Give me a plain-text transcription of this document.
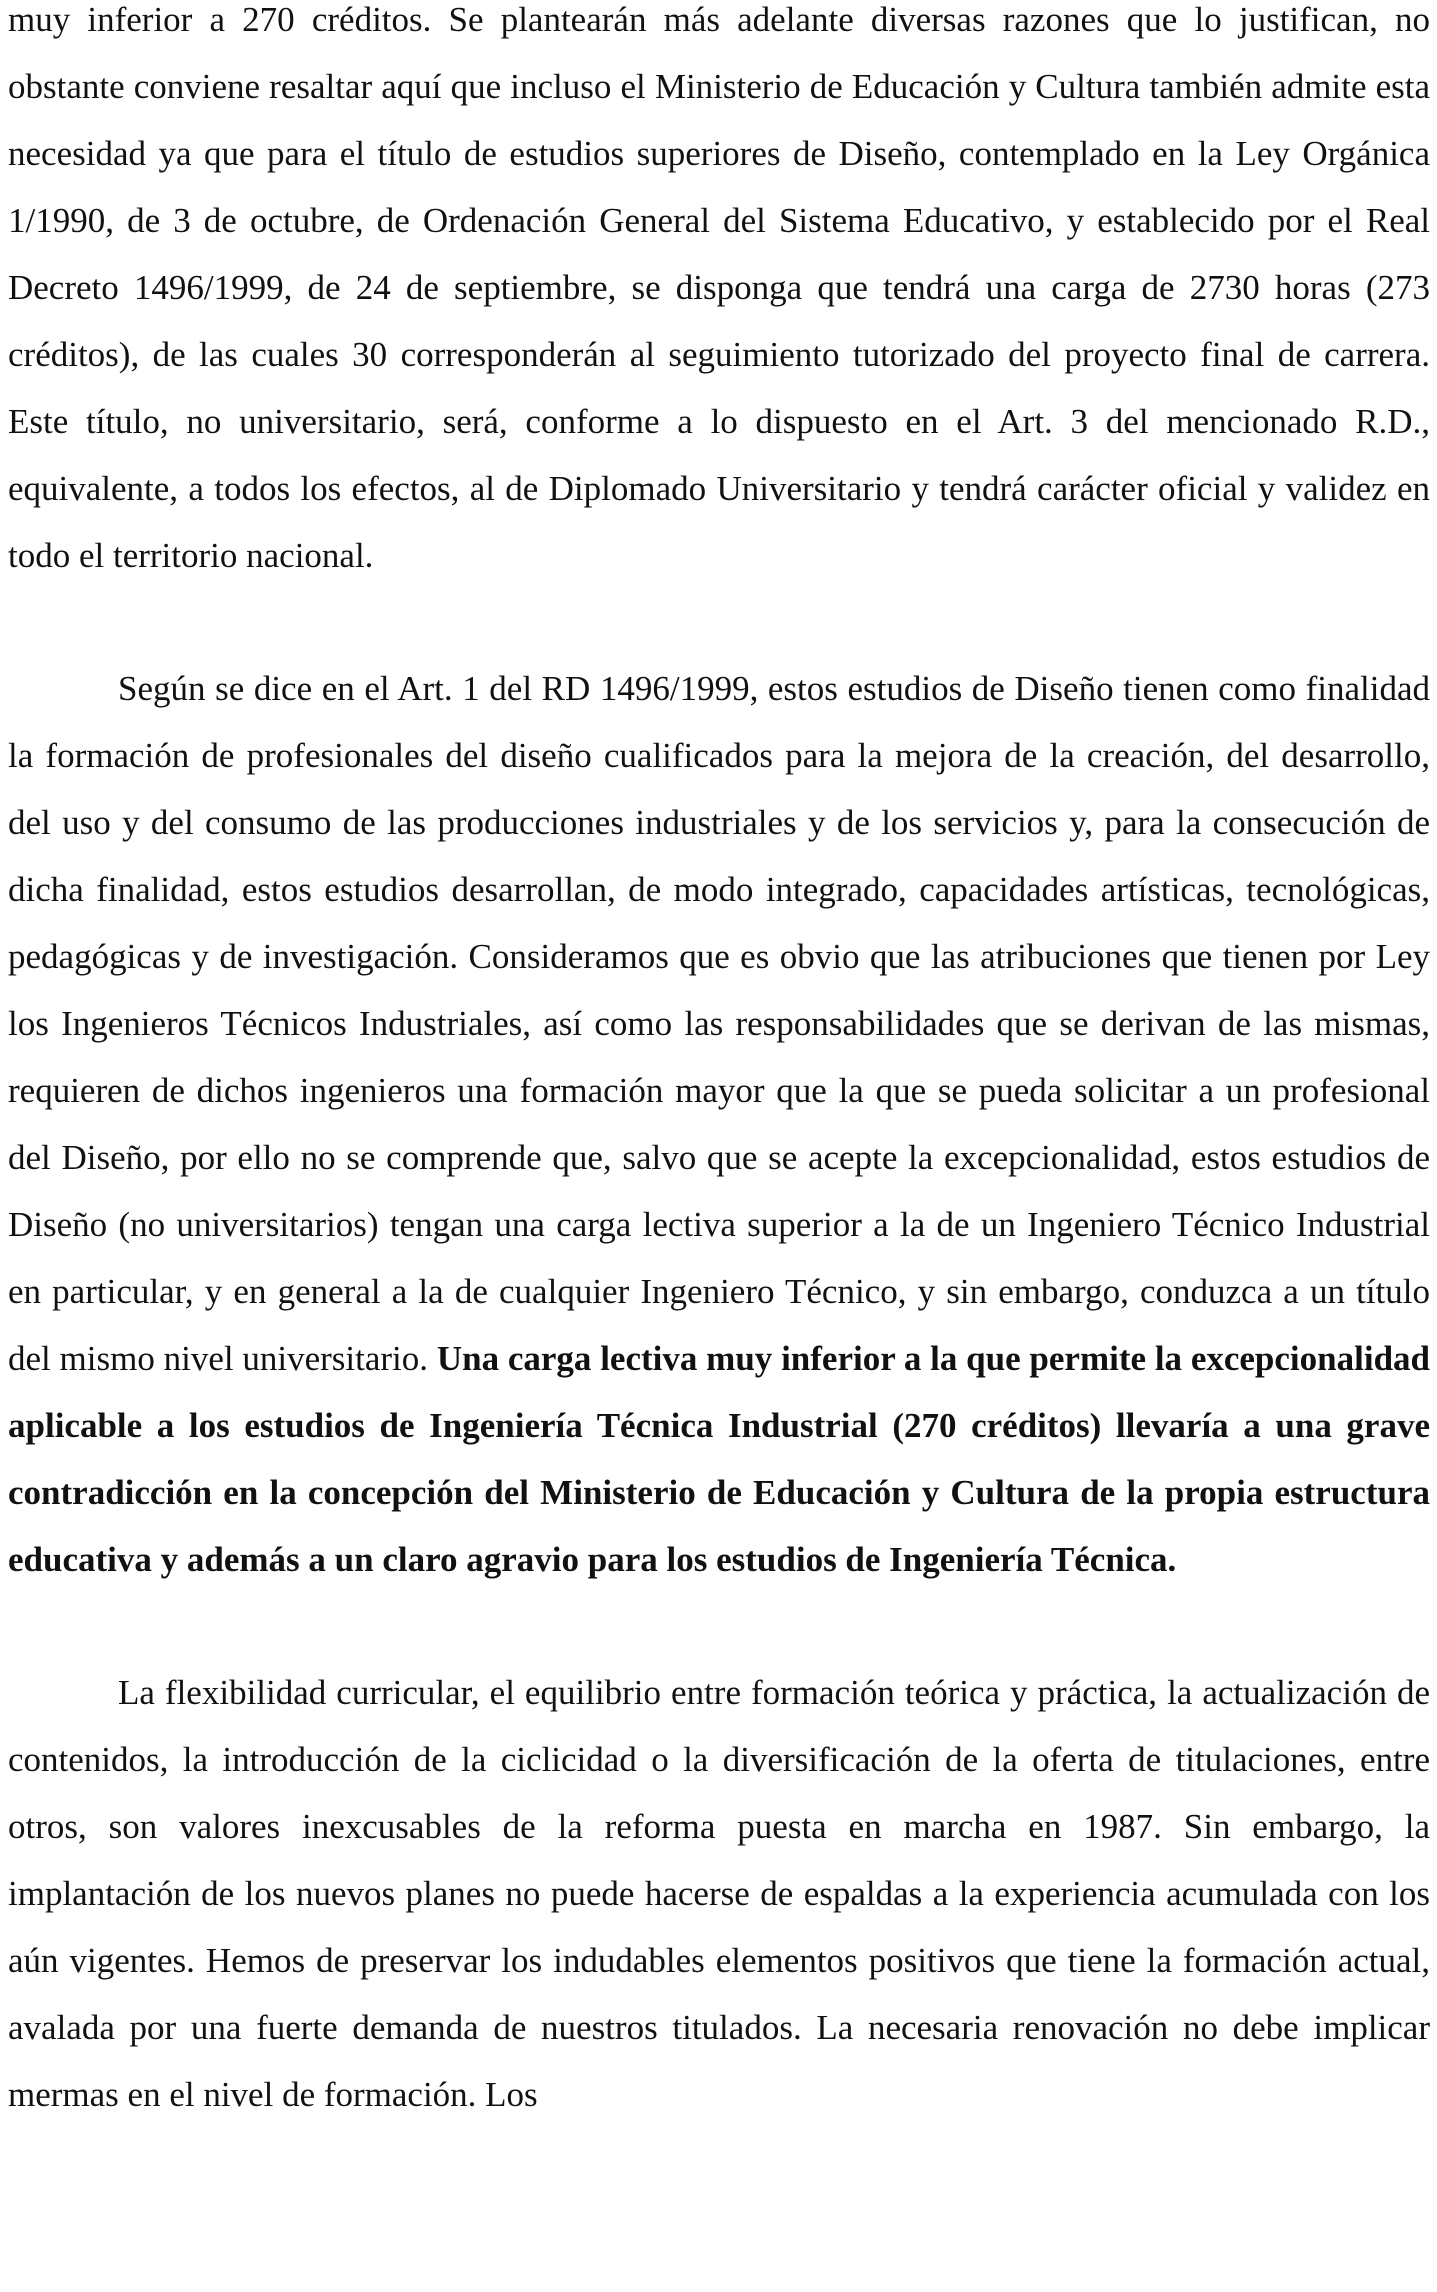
muy inferior a 270 créditos. Se plantearán más adelante diversas razones que lo justifican, no obstante conviene resaltar aquí que incluso el Ministerio de Educación y Cultura también admite esta necesidad ya que para el título de estudios superiores de Diseño, contemplado en la Ley Orgánica 1/1990, de 3 de octubre, de Ordenación General del Sistema Educativo, y establecido por el Real Decreto 1496/1999, de 24 de septiembre, se disponga que tendrá una carga de 2730 horas (273 créditos), de las cuales 30 corresponderán al seguimiento tutorizado del proyecto final de carrera. Este título, no universitario, será, conforme a lo dispuesto en el Art. 3 del mencionado R.D., equivalente, a todos los efectos, al de Diplomado Universitario y tendrá carácter oficial y validez en todo el territorio nacional.

Según se dice en el Art. 1 del RD 1496/1999, estos estudios de Diseño tienen como finalidad la formación de profesionales del diseño cualificados para la mejora de la creación, del desarrollo, del uso y del consumo de las producciones industriales y de los servicios y, para la consecución de dicha finalidad, estos estudios desarrollan, de modo integrado, capacidades artísticas, tecnológicas, pedagógicas y de investigación. Consideramos que es obvio que las atribuciones que tienen por Ley los Ingenieros Técnicos Industriales, así como las responsabilidades que se derivan de las mismas, requieren de dichos ingenieros una formación mayor que la que se pueda solicitar a un profesional del Diseño, por ello no se comprende que, salvo que se acepte la excepcionalidad, estos estudios de Diseño (no universitarios) tengan una carga lectiva superior a la de un Ingeniero Técnico Industrial en particular, y en general a la de cualquier Ingeniero Técnico, y sin embargo, conduzca a un título del mismo nivel universitario. Una carga lectiva muy inferior a la que permite la excepcionalidad aplicable a los estudios de Ingeniería Técnica Industrial (270 créditos) llevaría a una grave contradicción en la concepción del Ministerio de Educación y Cultura de la propia estructura educativa y además a un claro agravio para los estudios de Ingeniería Técnica.

La flexibilidad curricular, el equilibrio entre formación teórica y práctica, la actualización de contenidos, la introducción de la ciclicidad o la diversificación de la oferta de titulaciones, entre otros, son valores inexcusables de la reforma puesta en marcha en 1987. Sin embargo, la implantación de los nuevos planes no puede hacerse de espaldas a la experiencia acumulada con los aún vigentes. Hemos de preservar los indudables elementos positivos que tiene la formación actual, avalada por una fuerte demanda de nuestros titulados. La necesaria renovación no debe implicar mermas en el nivel de formación. Los
